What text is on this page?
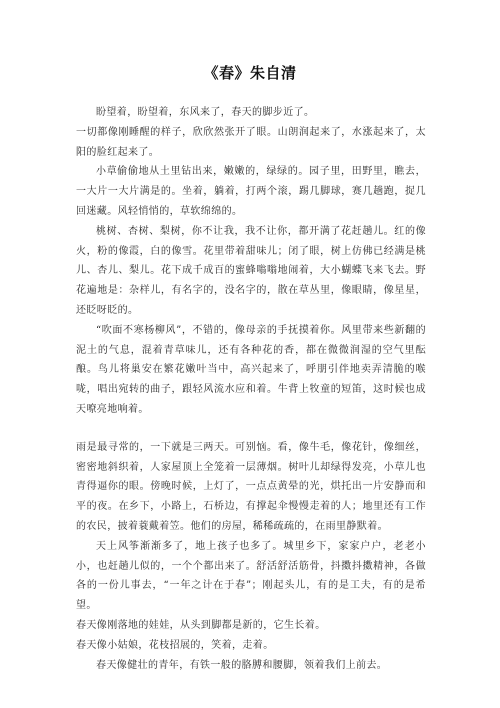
《春》朱自清

盼望着，盼望着，东风来了，春天的脚步近了。

一切都像刚睡醒的样子，欣欣然张开了眼。山朗润起来了，水涨起来了，太阳的脸红起来了。

小草偷偷地从土里钻出来，嫩嫩的，绿绿的。园子里，田野里，瞧去，一大片一大片满是的。坐着，躺着，打两个滚，踢几脚球，赛几趟跑，捉几回迷藏。风轻悄悄的，草软绵绵的。

桃树、杏树、梨树，你不让我，我不让你，都开满了花赶趟儿。红的像火，粉的像霞，白的像雪。花里带着甜味儿；闭了眼，树上仿佛已经满是桃儿、杏儿、梨儿。花下成千成百的蜜蜂嗡嗡地闹着，大小蝴蝶飞来飞去。野花遍地是：杂样儿，有名字的，没名字的，散在草丛里，像眼睛，像星星，还眨呀眨的。

“吹面不寒杨柳风”，不错的，像母亲的手抚摸着你。风里带来些新翻的泥土的气息，混着青草味儿，还有各种花的香，都在微微润湿的空气里酝酿。鸟儿将巢安在繁花嫩叶当中，高兴起来了，呼朋引伴地卖弄清脆的喉咙，唱出宛转的曲子，跟轻风流水应和着。牛背上牧童的短笛，这时候也成天嘹亮地响着。

雨是最寻常的，一下就是三两天。可别恼。看，像牛毛，像花针，像细丝，密密地斜织着，人家屋顶上全笼着一层薄烟。树叶儿却绿得发亮，小草儿也青得逼你的眼。傍晚时候，上灯了，一点点黄晕的光，烘托出一片安静而和平的夜。在乡下，小路上，石桥边，有撑起伞慢慢走着的人；地里还有工作的农民，披着蓑戴着笠。他们的房屋，稀稀疏疏的，在雨里静默着。

天上风筝渐渐多了，地上孩子也多了。城里乡下，家家户户，老老小小，也赶趟儿似的，一个个都出来了。舒活舒活筋骨，抖擞抖擞精神，各做各的一份儿事去，“一年之计在于春”；刚起头儿，有的是工夫，有的是希望。

春天像刚落地的娃娃，从头到脚都是新的，它生长着。

春天像小姑娘，花枝招展的，笑着，走着。

春天像健壮的青年，有铁一般的胳膊和腰脚，领着我们上前去。
